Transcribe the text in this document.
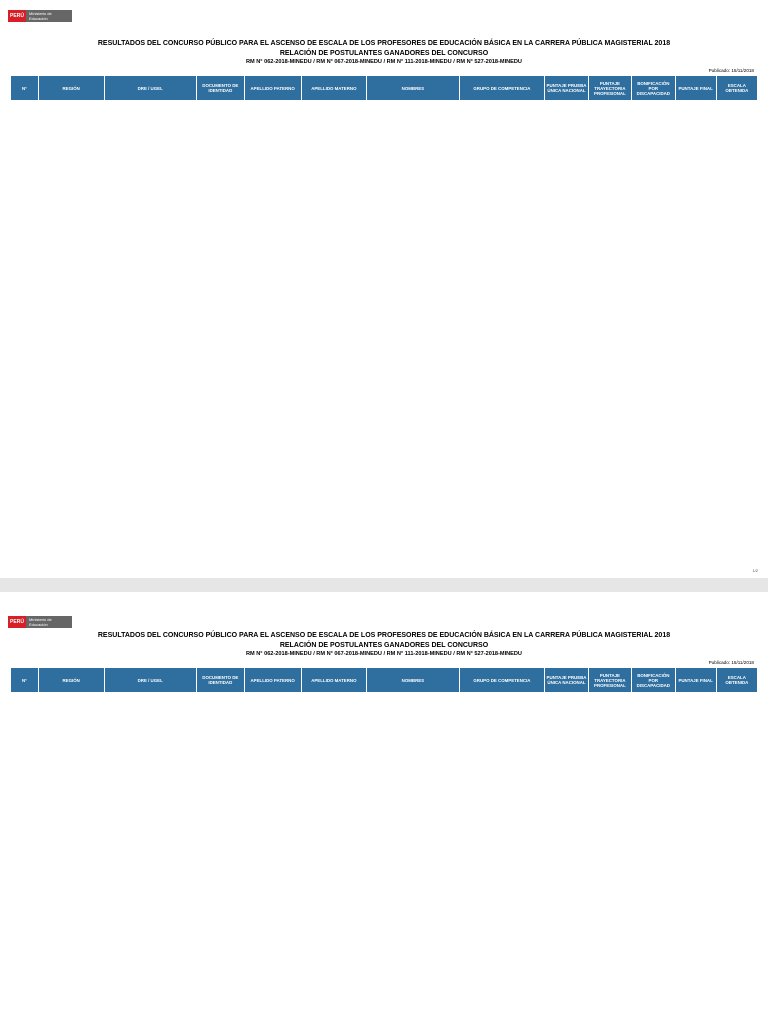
PERÚ	Ministerio de Educación
RESULTADOS DEL CONCURSO PÚBLICO PARA EL ASCENSO DE ESCALA DE LOS PROFESORES DE EDUCACIÓN BÁSICA EN LA CARRERA PÚBLICA MAGISTERIAL 2018
RELACIÓN DE POSTULANTES GANADORES DEL CONCURSO
RM N° 062-2018-MINEDU / RM N° 067-2018-MINEDU / RM N° 111-2018-MINEDU / RM N° 527-2018-MINEDU
Publicado: 15/11/2018
N°	REGIÓN	DRE / UGEL	DOCUMENTO DE IDENTIDAD	APELLIDO PATERNO	APELLIDO MATERNO	NOMBRES	GRUPO DE COMPETENCIA	PUNTAJE PRUEBA ÚNICA NACIONAL	PUNTAJE TRAYECTORIA PROFESIONAL	BONIFICACIÓN POR DISCAPACIDAD	PUNTAJE FINAL	ESCALA OBTENIDA
1/2
PERÚ	Ministerio de Educación
RESULTADOS DEL CONCURSO PÚBLICO PARA EL ASCENSO DE ESCALA DE LOS PROFESORES DE EDUCACIÓN BÁSICA EN LA CARRERA PÚBLICA MAGISTERIAL 2018
RELACIÓN DE POSTULANTES GANADORES DEL CONCURSO
RM N° 062-2018-MINEDU / RM N° 067-2018-MINEDU / RM N° 111-2018-MINEDU / RM N° 527-2018-MINEDU
Publicado: 15/11/2018
N°	REGIÓN	DRE / UGEL	DOCUMENTO DE IDENTIDAD	APELLIDO PATERNO	APELLIDO MATERNO	NOMBRES	GRUPO DE COMPETENCIA	PUNTAJE PRUEBA ÚNICA NACIONAL	PUNTAJE TRAYECTORIA PROFESIONAL	BONIFICACIÓN POR DISCAPACIDAD	PUNTAJE FINAL	ESCALA OBTENIDA
